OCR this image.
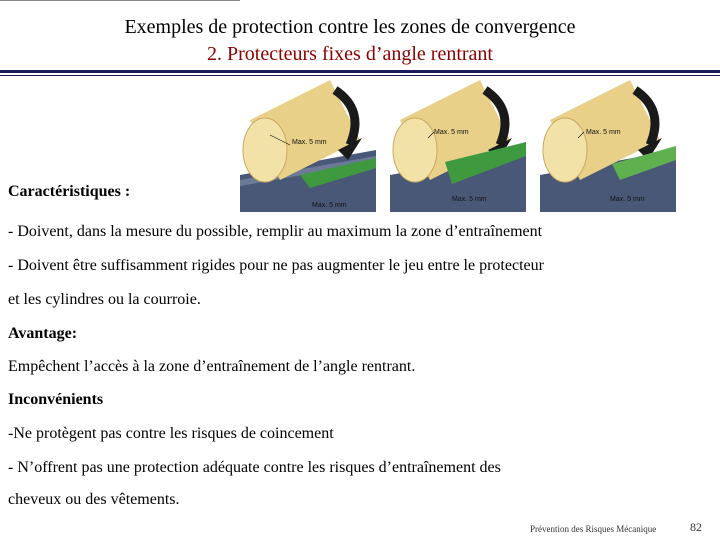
Exemples de protection contre les zones de convergence
2. Protecteurs fixes d’angle rentrant
Max. 5 mm
Max. 5 mm
Max. 5 mm
Max. 5 mm
Max. 5 mm
Max. 5 mm
Caractéristiques :
- Doivent, dans la mesure du possible, remplir au maximum la zone d’entraînement
- Doivent être suffisamment rigides pour ne pas augmenter le jeu entre le protecteur
et les cylindres ou la courroie.
Avantage:
Empêchent l’accès à la zone d’entraînement de l’angle rentrant.
Inconvénients
-Ne protègent pas contre les risques de coincement
- N’offrent pas une protection adéquate contre les risques d’entraînement des
cheveux ou des vêtements.
Prévention des Risques Mécanique	82
